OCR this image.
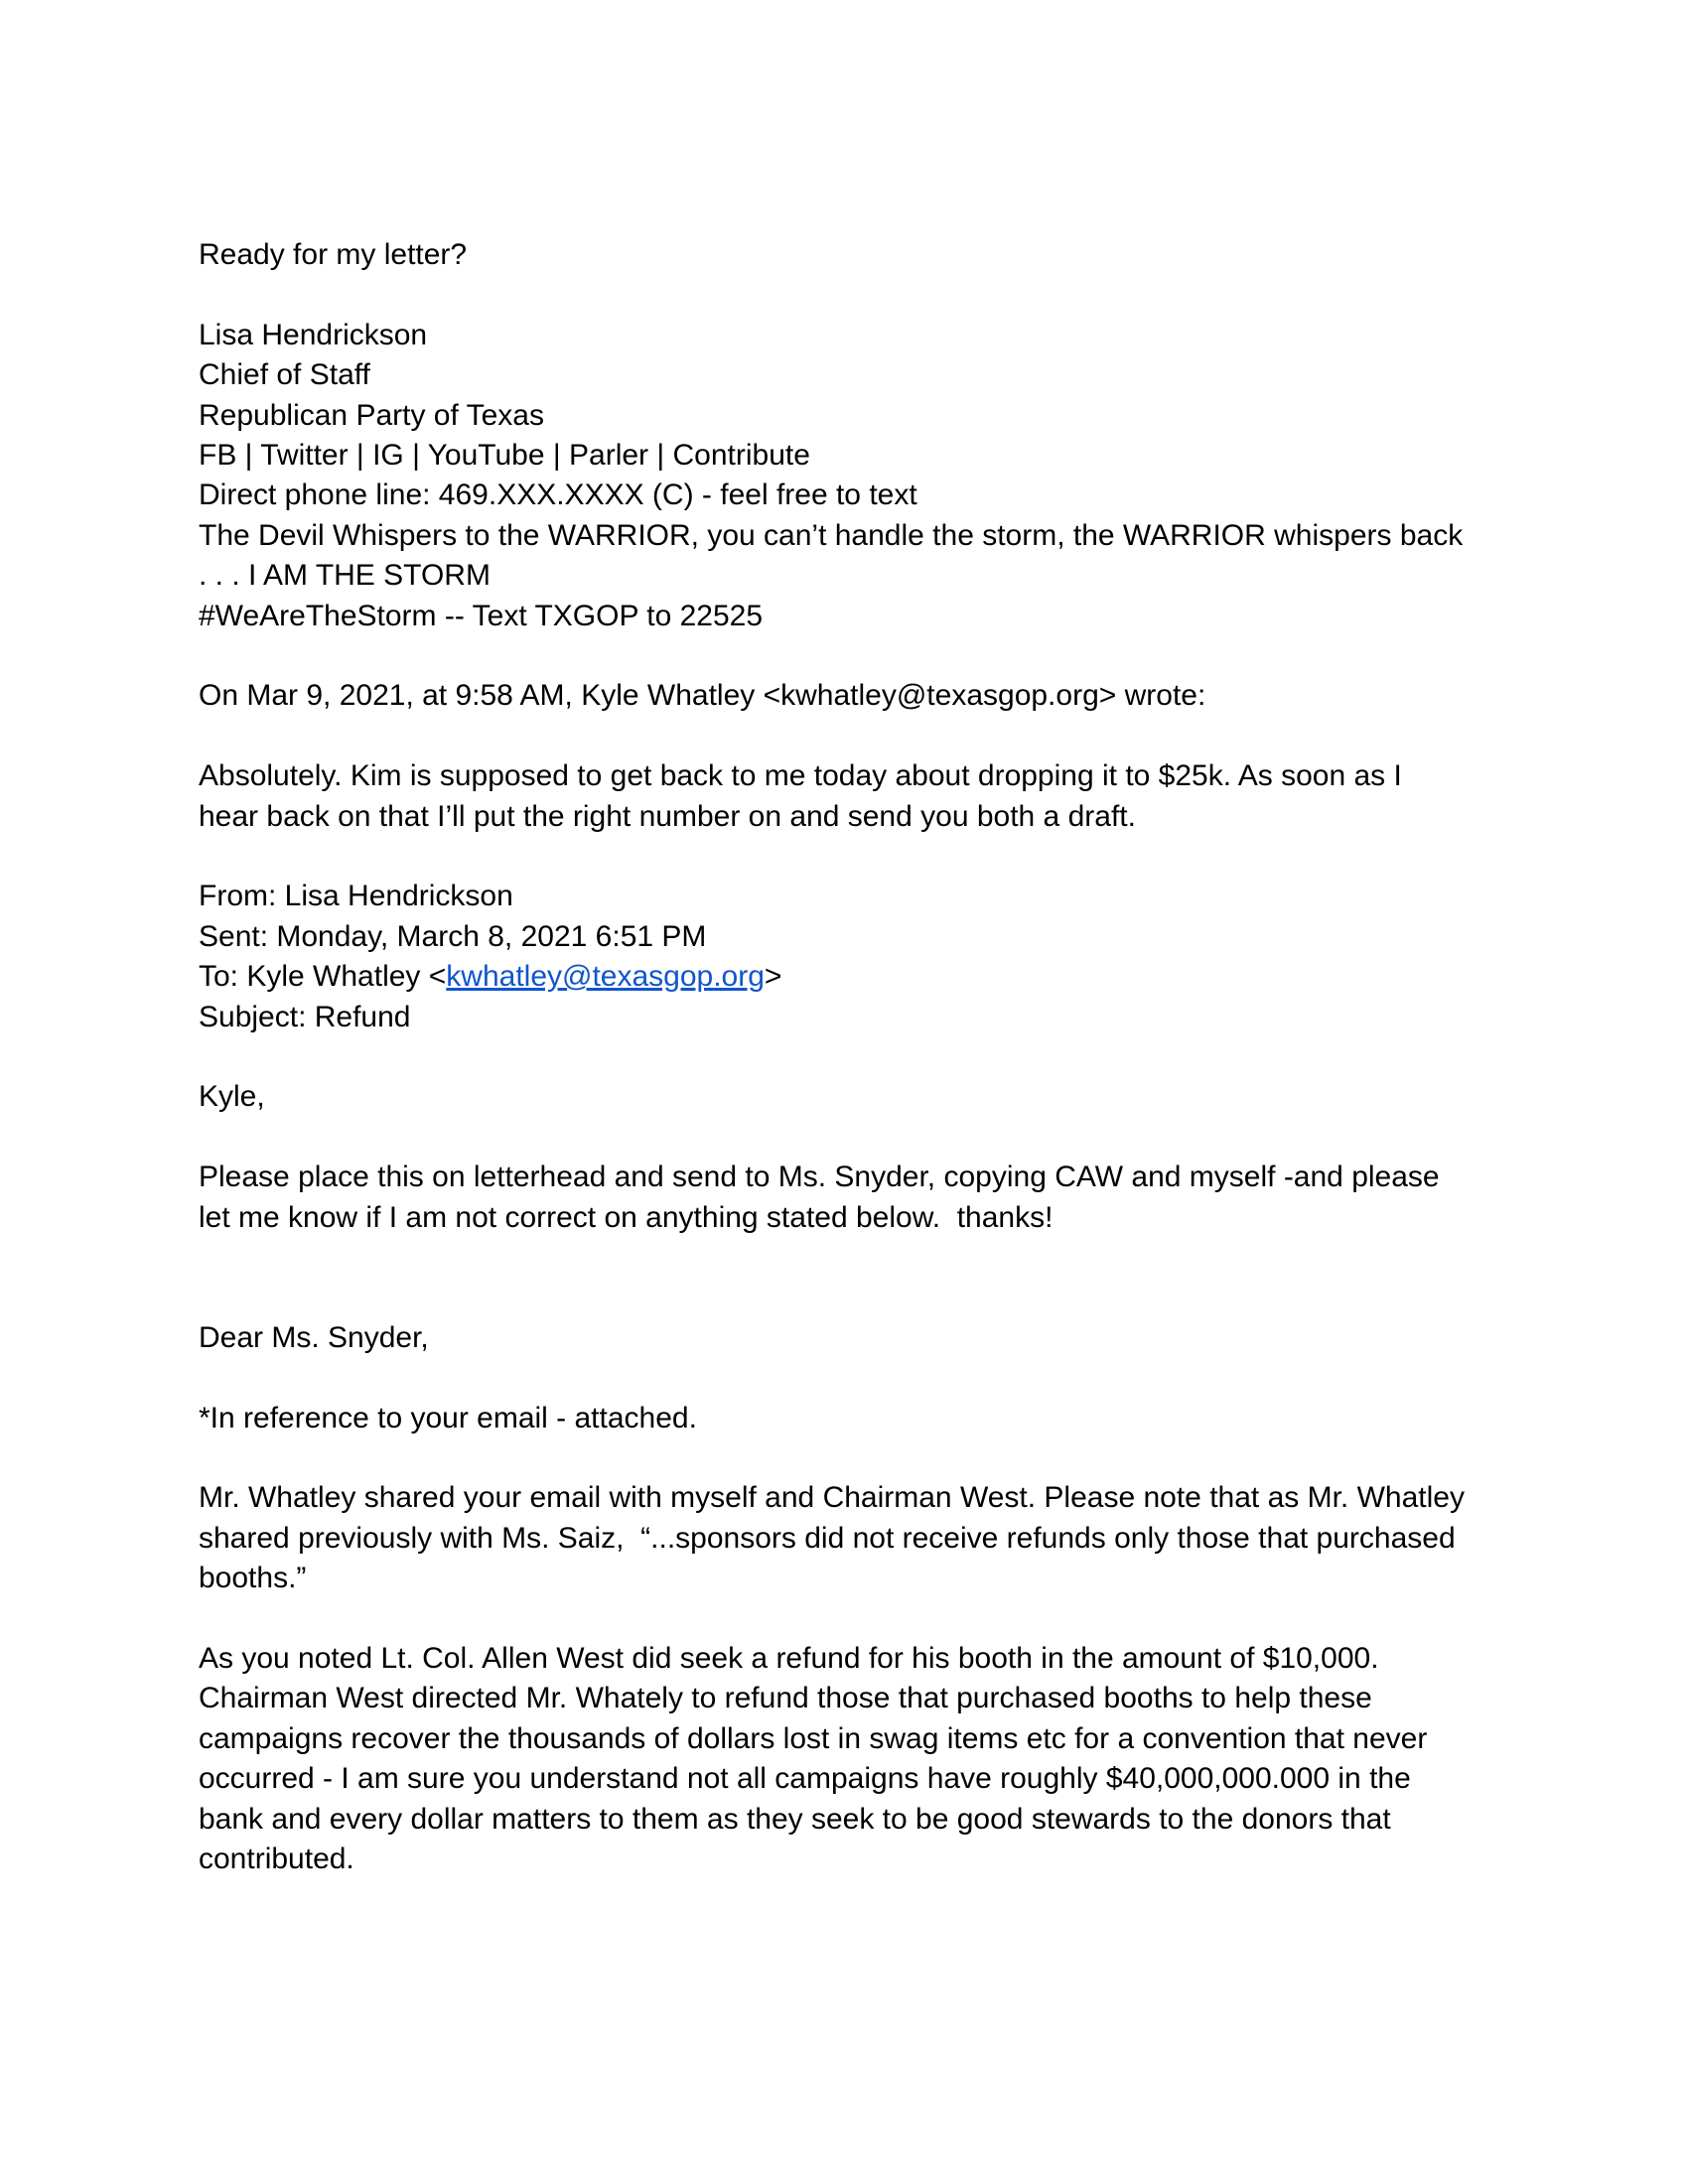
Ready for my letter?
Lisa Hendrickson
Chief of Staff
Republican Party of Texas
FB | Twitter | IG | YouTube | Parler | Contribute
Direct phone line: 469.XXX.XXXX (C) - feel free to text
The Devil Whispers to the WARRIOR, you can’t handle the storm, the WARRIOR whispers back
. . . I AM THE STORM
#WeAreTheStorm -- Text TXGOP to 22525
On Mar 9, 2021, at 9:58 AM, Kyle Whatley <kwhatley@texasgop.org> wrote:
Absolutely. Kim is supposed to get back to me today about dropping it to $25k. As soon as I
hear back on that I’ll put the right number on and send you both a draft.
From: Lisa Hendrickson
Sent: Monday, March 8, 2021 6:51 PM
To: Kyle Whatley <kwhatley@texasgop.org>
Subject: Refund
Kyle,
Please place this on letterhead and send to Ms. Snyder, copying CAW and myself -and please
let me know if I am not correct on anything stated below.  thanks!
Dear Ms. Snyder,
*In reference to your email - attached.
Mr. Whatley shared your email with myself and Chairman West. Please note that as Mr. Whatley
shared previously with Ms. Saiz,  “...sponsors did not receive refunds only those that purchased
booths.”
As you noted Lt. Col. Allen West did seek a refund for his booth in the amount of $10,000.
Chairman West directed Mr. Whately to refund those that purchased booths to help these
campaigns recover the thousands of dollars lost in swag items etc for a convention that never
occurred - I am sure you understand not all campaigns have roughly $40,000,000.000 in the
bank and every dollar matters to them as they seek to be good stewards to the donors that
contributed.
